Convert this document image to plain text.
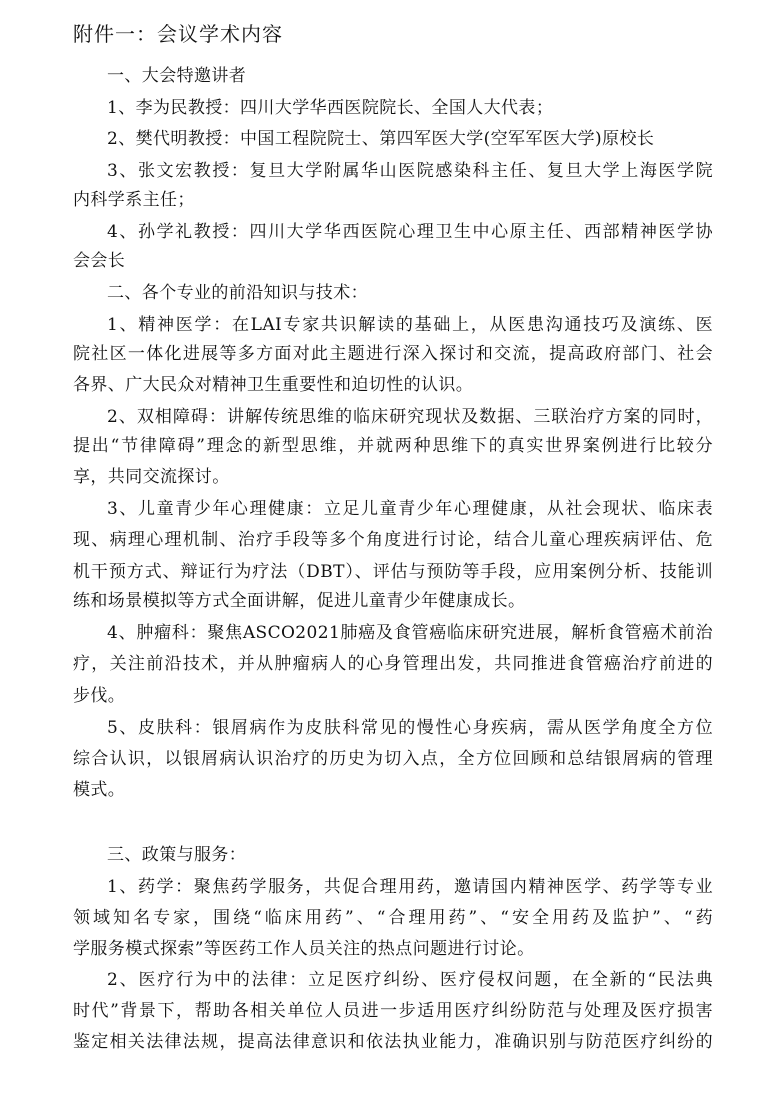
附件一：会议学术内容
一、大会特邀讲者
1、李为民教授：四川大学华西医院院长、全国人大代表；
2、樊代明教授：中国工程院院士、第四军医大学(空军军医大学)原校长
3、张文宏教授：复旦大学附属华山医院感染科主任、复旦大学上海医学院
内科学系主任；
4、孙学礼教授：四川大学华西医院心理卫生中心原主任、西部精神医学协
会会长
二、各个专业的前沿知识与技术：
1、精神医学：在LAI专家共识解读的基础上，从医患沟通技巧及演练、医
院社区一体化进展等多方面对此主题进行深入探讨和交流，提高政府部门、社会
各界、广大民众对精神卫生重要性和迫切性的认识。
2、双相障碍：讲解传统思维的临床研究现状及数据、三联治疗方案的同时，
提出“节律障碍”理念的新型思维，并就两种思维下的真实世界案例进行比较分
享，共同交流探讨。
3、儿童青少年心理健康：立足儿童青少年心理健康，从社会现状、临床表
现、病理心理机制、治疗手段等多个角度进行讨论，结合儿童心理疾病评估、危
机干预方式、辩证行为疗法（DBT）、评估与预防等手段，应用案例分析、技能训
练和场景模拟等方式全面讲解，促进儿童青少年健康成长。
4、肿瘤科：聚焦ASCO2021肺癌及食管癌临床研究进展，解析食管癌术前治
疗，关注前沿技术，并从肿瘤病人的心身管理出发，共同推进食管癌治疗前进的
步伐。
5、皮肤科：银屑病作为皮肤科常见的慢性心身疾病，需从医学角度全方位
综合认识，以银屑病认识治疗的历史为切入点，全方位回顾和总结银屑病的管理
模式。
三、政策与服务：
1、药学：聚焦药学服务，共促合理用药，邀请国内精神医学、药学等专业
领域知名专家，围绕“临床用药”、“合理用药”、“安全用药及监护”、“药
学服务模式探索”等医药工作人员关注的热点问题进行讨论。
2、医疗行为中的法律：立足医疗纠纷、医疗侵权问题，在全新的“民法典
时代”背景下，帮助各相关单位人员进一步适用医疗纠纷防范与处理及医疗损害
鉴定相关法律法规，提高法律意识和依法执业能力，准确识别与防范医疗纠纷的
